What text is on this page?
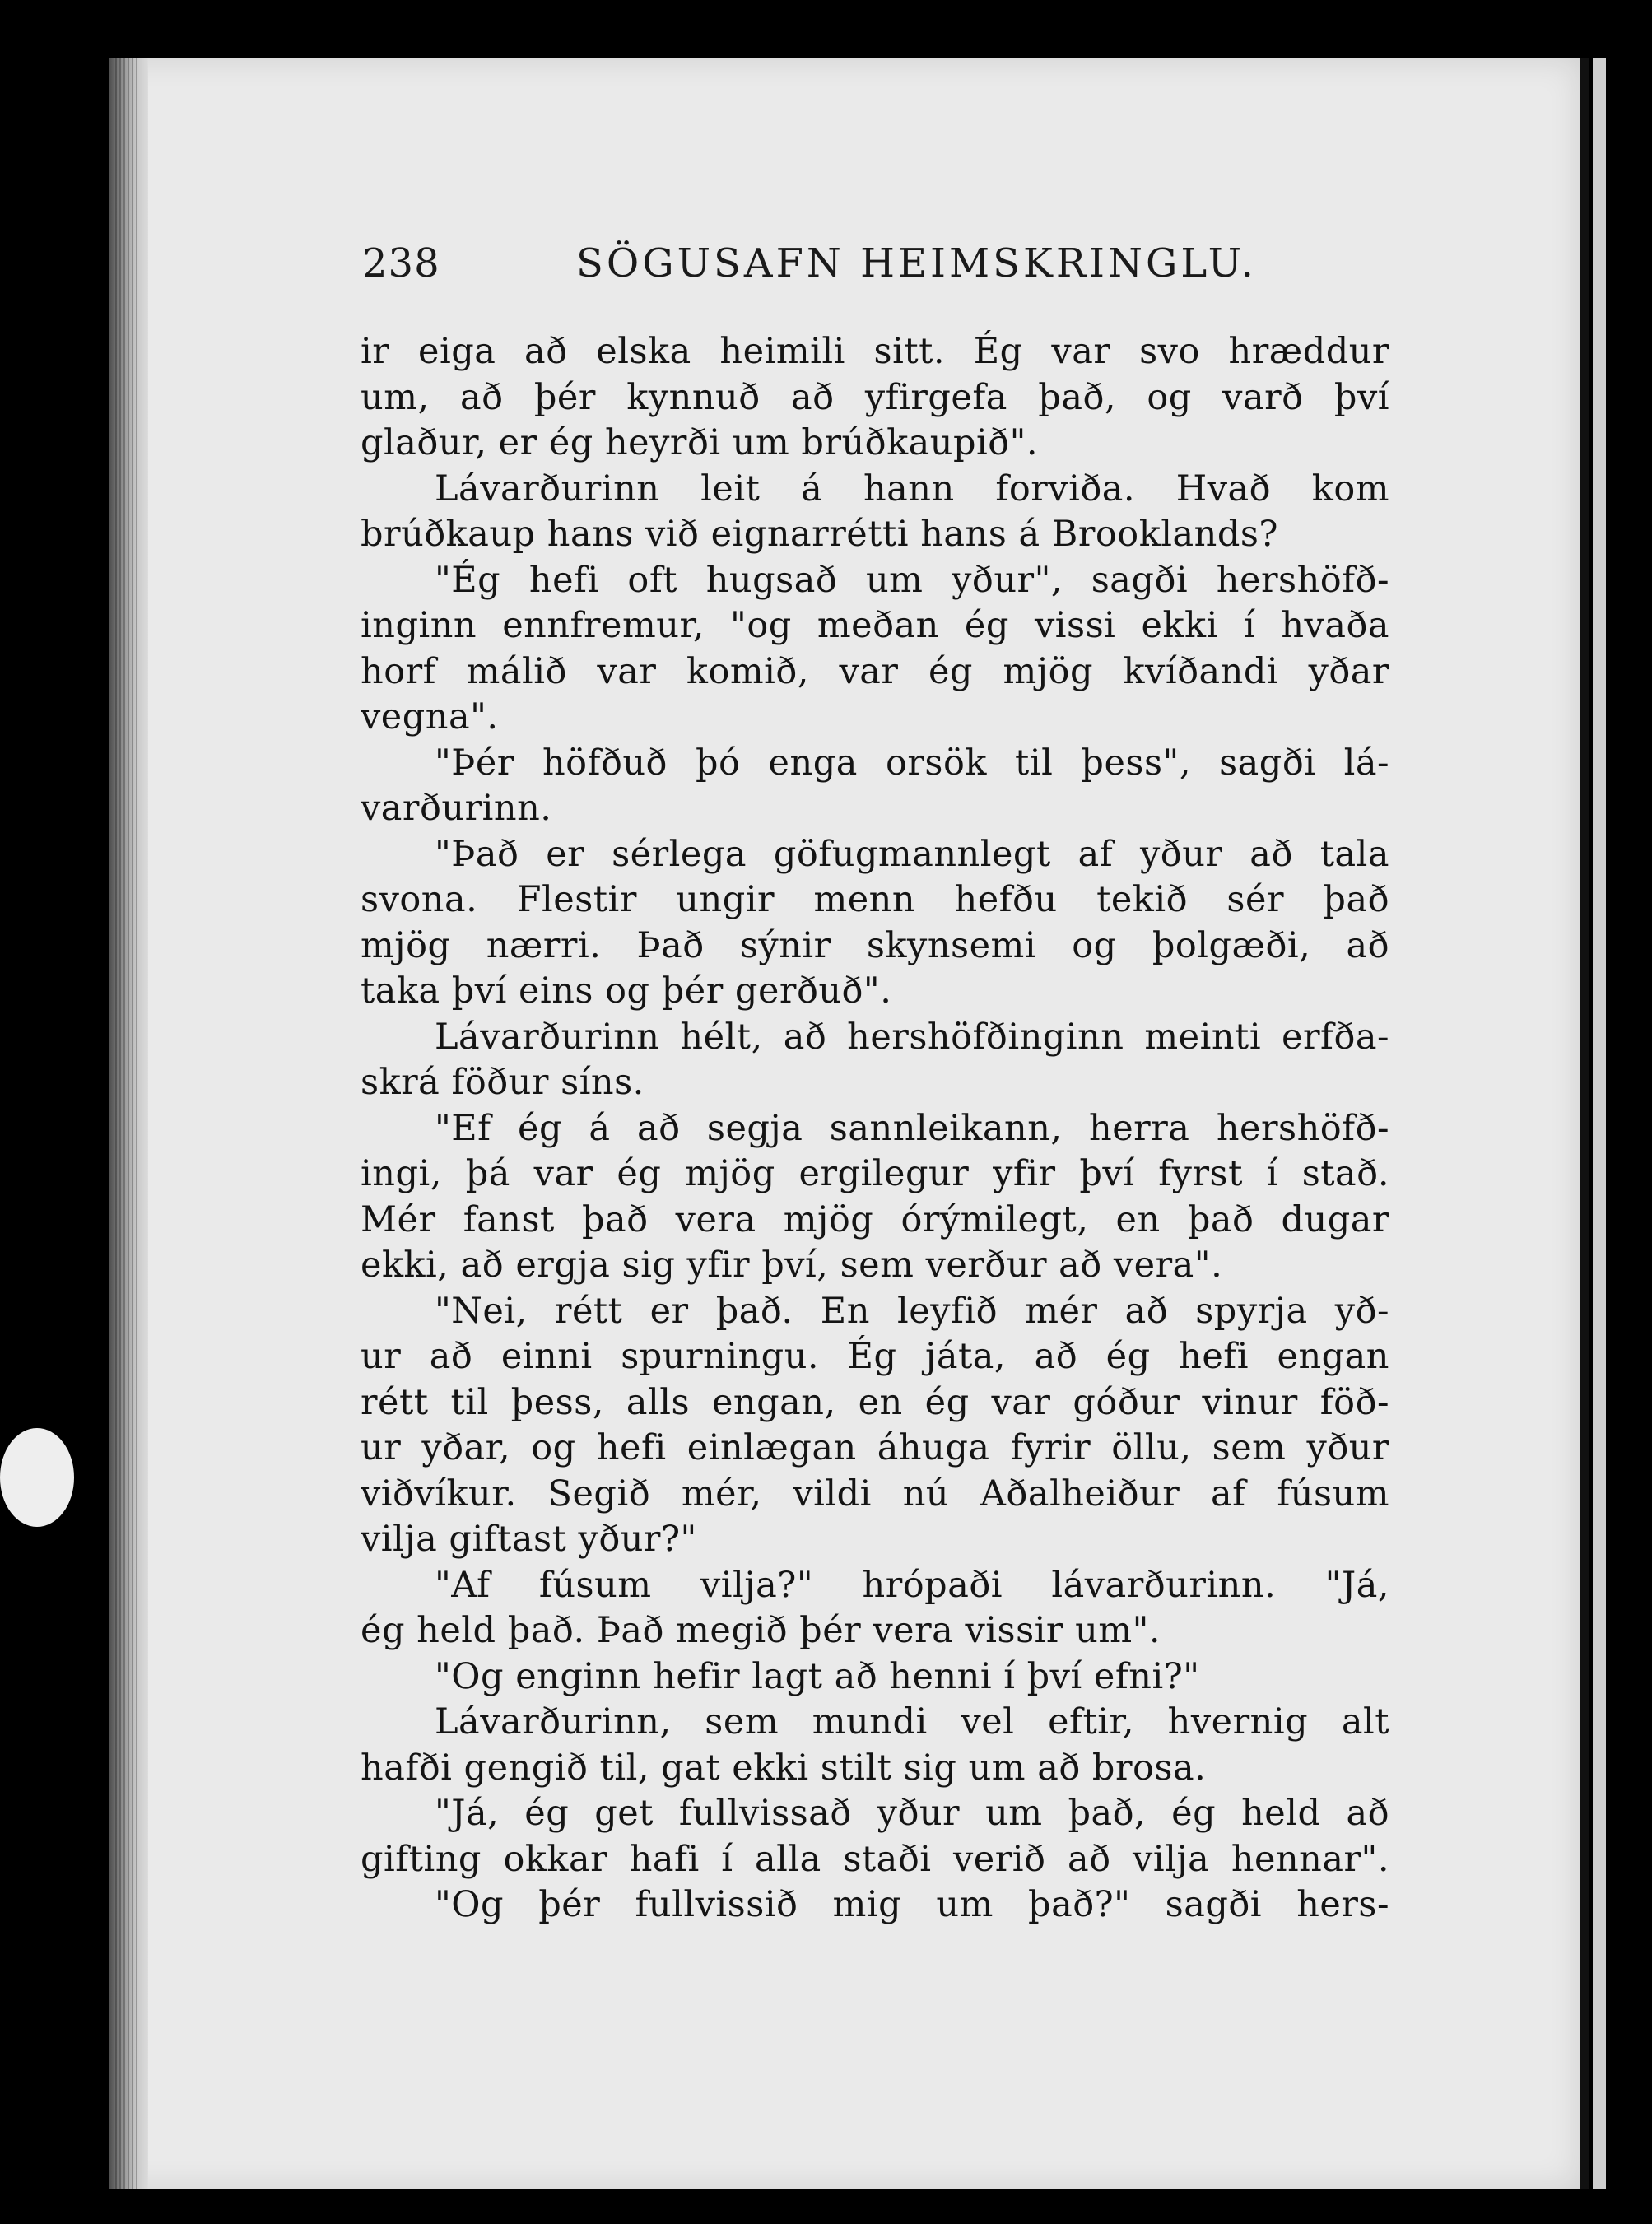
238	SÖGUSAFN HEIMSKRINGLU.
ir eiga að elska heimili sitt. Ég var svo hræddur
um, að þér kynnuð að yfirgefa það, og varð því
glaður, er ég heyrði um brúðkaupið".
Lávarðurinn leit á hann forviða. Hvað kom
brúðkaup hans við eignarrétti hans á Brooklands?
"Ég hefi oft hugsað um yður", sagði hershöfð-
inginn ennfremur, "og meðan ég vissi ekki í hvaða
horf málið var komið, var ég mjög kvíðandi yðar
vegna".
"Þér höfðuð þó enga orsök til þess", sagði lá-
varðurinn.
"Það er sérlega göfugmannlegt af yður að tala
svona. Flestir ungir menn hefðu tekið sér það
mjög nærri. Það sýnir skynsemi og þolgæði, að
taka því eins og þér gerðuð".
Lávarðurinn hélt, að hershöfðinginn meinti erfða-
skrá föður síns.
"Ef ég á að segja sannleikann, herra hershöfð-
ingi, þá var ég mjög ergilegur yfir því fyrst í stað.
Mér fanst það vera mjög órýmilegt, en það dugar
ekki, að ergja sig yfir því, sem verður að vera".
"Nei, rétt er það. En leyfið mér að spyrja yð-
ur að einni spurningu. Ég játa, að ég hefi engan
rétt til þess, alls engan, en ég var góður vinur föð-
ur yðar, og hefi einlægan áhuga fyrir öllu, sem yður
viðvíkur. Segið mér, vildi nú Aðalheiður af fúsum
vilja giftast yður?"
"Af fúsum vilja?" hrópaði lávarðurinn. "Já,
ég held það. Það megið þér vera vissir um".
"Og enginn hefir lagt að henni í því efni?"
Lávarðurinn, sem mundi vel eftir, hvernig alt
hafði gengið til, gat ekki stilt sig um að brosa.
"Já, ég get fullvissað yður um það, ég held að
gifting okkar hafi í alla staði verið að vilja hennar".
"Og þér fullvissið mig um það?" sagði hers-
